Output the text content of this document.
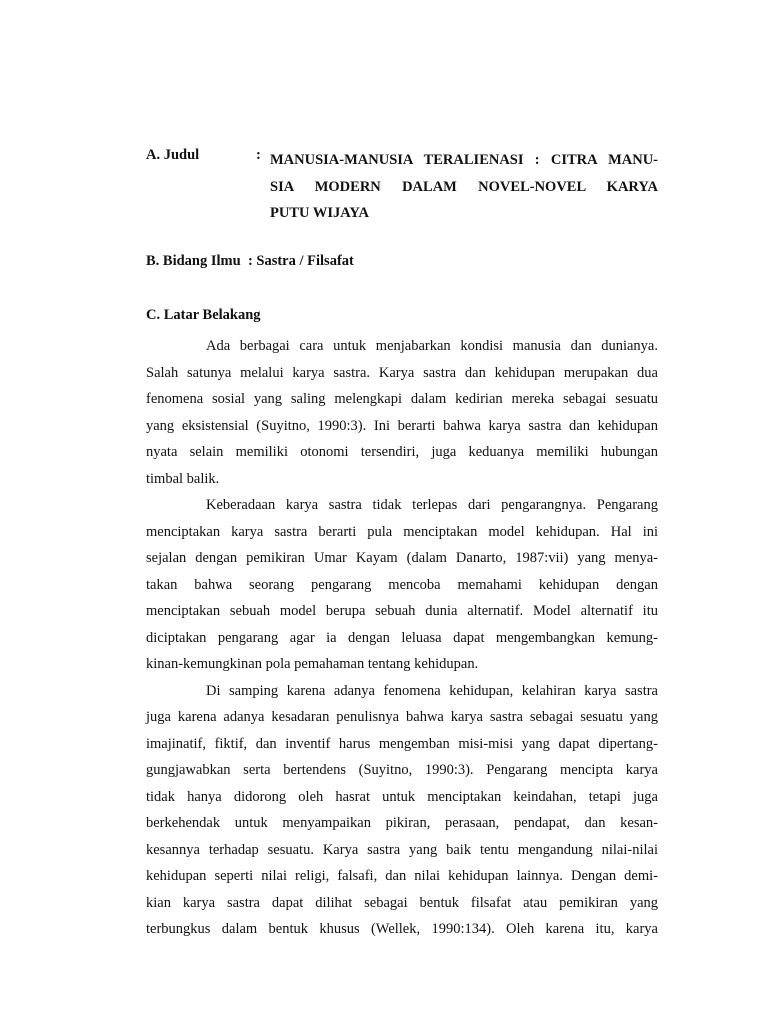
A. Judul	: MANUSIA-MANUSIA TERALIENASI : CITRA MANU-
SIA MODERN DALAM NOVEL-NOVEL KARYA
PUTU WIJAYA
B. Bidang Ilmu  : Sastra / Filsafat
C. Latar Belakang
Ada berbagai cara untuk menjabarkan kondisi manusia dan dunianya.
Salah satunya melalui karya sastra. Karya sastra dan kehidupan merupakan dua
fenomena sosial yang saling melengkapi dalam kedirian mereka sebagai sesuatu
yang eksistensial (Suyitno, 1990:3). Ini berarti bahwa karya sastra dan kehidupan
nyata selain memiliki otonomi tersendiri, juga keduanya memiliki hubungan
timbal balik.
Keberadaan karya sastra tidak terlepas dari pengarangnya. Pengarang
menciptakan karya sastra berarti pula menciptakan model kehidupan. Hal ini
sejalan dengan pemikiran Umar Kayam (dalam Danarto, 1987:vii) yang menya-
takan bahwa seorang pengarang mencoba memahami kehidupan dengan
menciptakan sebuah model berupa sebuah dunia alternatif. Model alternatif itu
diciptakan pengarang agar ia dengan leluasa dapat mengembangkan kemung-
kinan-kemungkinan pola pemahaman tentang kehidupan.
Di samping karena adanya fenomena kehidupan, kelahiran karya sastra
juga karena adanya kesadaran penulisnya bahwa karya sastra sebagai sesuatu yang
imajinatif, fiktif, dan inventif harus mengemban misi-misi yang dapat dipertang-
gungjawabkan serta bertendens (Suyitno, 1990:3). Pengarang mencipta karya
tidak hanya didorong oleh hasrat untuk menciptakan keindahan, tetapi juga
berkehendak untuk menyampaikan pikiran, perasaan, pendapat, dan kesan-
kesannya terhadap sesuatu. Karya sastra yang baik tentu mengandung nilai-nilai
kehidupan seperti nilai religi, falsafi, dan nilai kehidupan lainnya. Dengan demi-
kian karya sastra dapat dilihat sebagai bentuk filsafat atau pemikiran yang
terbungkus dalam bentuk khusus (Wellek, 1990:134). Oleh karena itu, karya
